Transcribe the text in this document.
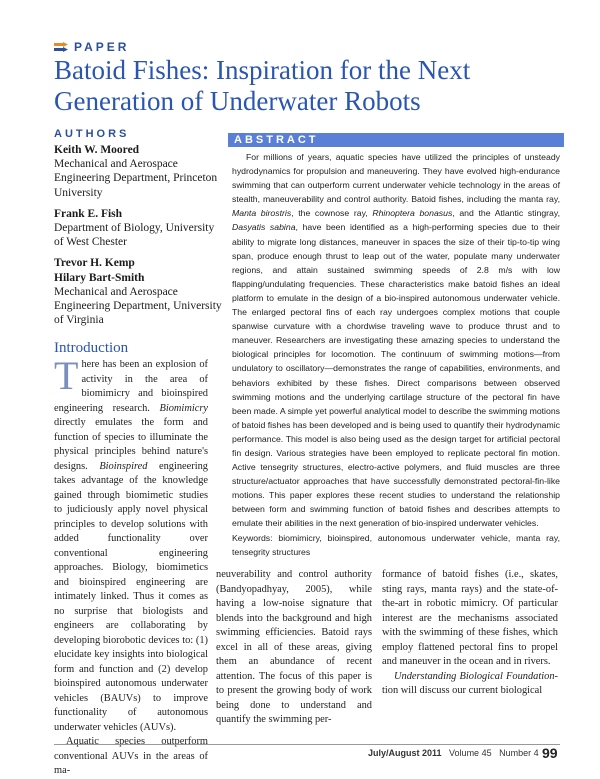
PAPER
Batoid Fishes: Inspiration for the Next Generation of Underwater Robots
AUTHORS
Keith W. Moored
Mechanical and Aerospace Engineering Department, Princeton University
Frank E. Fish
Department of Biology, University of West Chester
Trevor H. Kemp
Hilary Bart-Smith
Mechanical and Aerospace Engineering Department, University of Virginia
ABSTRACT

For millions of years, aquatic species have utilized the principles of unsteady hydrodynamics for propulsion and maneuvering. They have evolved high-endurance swimming that can outperform current underwater vehicle technology in the areas of stealth, maneuverability and control authority. Batoid fishes, including the manta ray, Manta birostris, the cownose ray, Rhinoptera bonasus, and the Atlantic stingray, Dasyatis sabina, have been identified as a high-performing species due to their ability to migrate long distances, maneuver in spaces the size of their tip-to-tip wing span, produce enough thrust to leap out of the water, populate many underwater regions, and attain sustained swimming speeds of 2.8 m/s with low flapping/undulating frequencies. These characteristics make batoid fishes an ideal platform to emulate in the design of a bio-inspired autonomous underwater vehicle. The enlarged pectoral fins of each ray undergoes complex motions that couple spanwise curvature with a chordwise traveling wave to produce thrust and to maneuver. Researchers are investigating these amazing species to understand the biological principles for locomotion. The continuum of swimming motions—from undulatory to oscillatory—demonstrates the range of capabilities, environments, and behaviors exhibited by these fishes. Direct comparisons between observed swimming motions and the underlying cartilage structure of the pectoral fin have been made. A simple yet powerful analytical model to describe the swimming motions of batoid fishes has been developed and is being used to quantify their hydrodynamic performance. This model is also being used as the design target for artificial pectoral fin design. Various strategies have been employed to replicate pectoral fin motion. Active tensegrity structures, electro-active polymers, and fluid muscles are three structure/actuator approaches that have successfully demonstrated pectoral-fin-like motions. This paper explores these recent studies to understand the relationship between form and swimming function of batoid fishes and describes attempts to emulate their abilities in the next generation of bio-inspired underwater vehicles.

Keywords: biomimicry, bioinspired, autonomous underwater vehicle, manta ray, tensegrity structures
Introduction

There has been an explosion of activity in the area of biomimicry and bioinspired engineering research. Biomimicry directly emulates the form and function of species to illuminate the physical principles behind nature's designs. Bioinspired engineering takes advantage of the knowledge gained through biomimetic studies to judiciously apply novel physical principles to develop solutions with added functionality over conventional engineering approaches. Biology, biomimetics and bioinspired engineering are intimately linked. Thus it comes as no surprise that biologists and engineers are collaborating by developing biorobotic devices to: (1) elucidate key insights into biological form and function and (2) develop bioinspired autonomous underwater vehicles (BAUVs) to improve functionality of autonomous underwater vehicles (AUVs).

Aquatic species outperform conventional AUVs in the areas of ma-

neuverability and control authority (Bandyopadhyay, 2005), while having a low-noise signature that blends into the background and high swimming efficiencies. Batoid rays excel in all of these areas, giving them an abundance of recent attention. The focus of this paper is to present the growing body of work being done to understand and quantify the swimming per-

formance of batoid fishes (i.e., skates, sting rays, manta rays) and the state-of-the-art in robotic mimicry. Of particular interest are the mechanisms associated with the swimming of these fishes, which employ flattened pectoral fins to propel and maneuver in the ocean and in rivers.

Understanding Biological Foundation-tion will discuss our current biological

July/August 2011 Volume 45 Number 4 99
